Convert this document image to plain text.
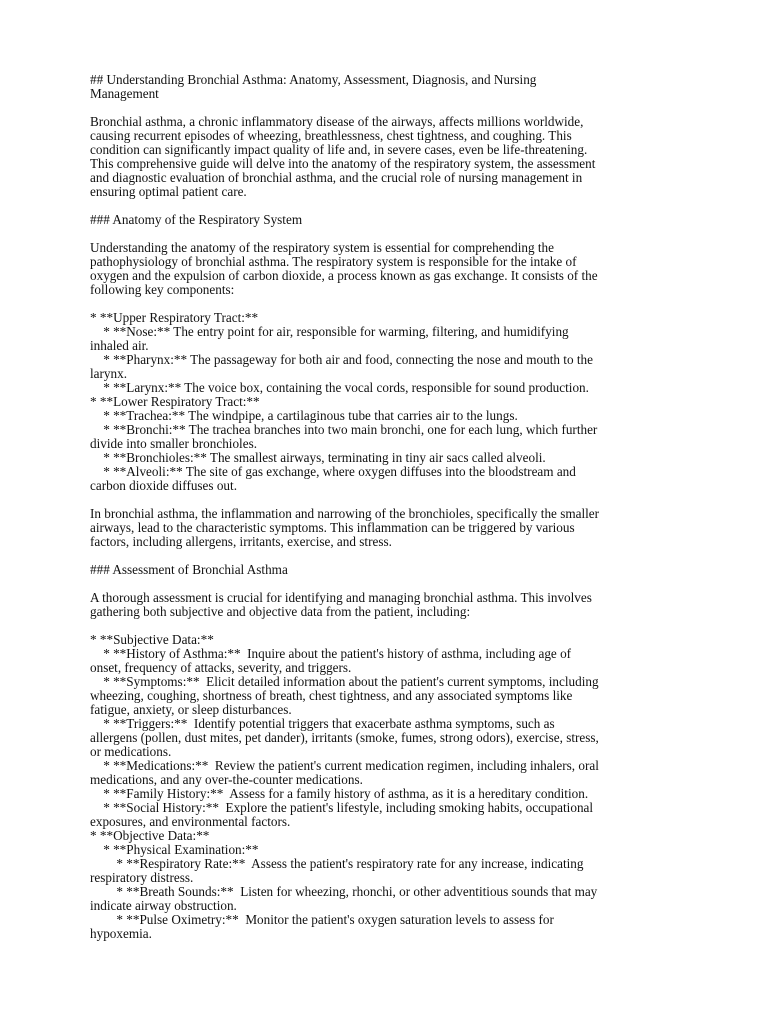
## Understanding Bronchial Asthma: Anatomy, Assessment, Diagnosis, and Nursing
Management

Bronchial asthma, a chronic inflammatory disease of the airways, affects millions worldwide,
causing recurrent episodes of wheezing, breathlessness, chest tightness, and coughing. This
condition can significantly impact quality of life and, in severe cases, even be life-threatening.
This comprehensive guide will delve into the anatomy of the respiratory system, the assessment
and diagnostic evaluation of bronchial asthma, and the crucial role of nursing management in
ensuring optimal patient care.

### Anatomy of the Respiratory System

Understanding the anatomy of the respiratory system is essential for comprehending the
pathophysiology of bronchial asthma. The respiratory system is responsible for the intake of
oxygen and the expulsion of carbon dioxide, a process known as gas exchange. It consists of the
following key components:

* **Upper Respiratory Tract:**
* **Nose:** The entry point for air, responsible for warming, filtering, and humidifying
inhaled air.
* **Pharynx:** The passageway for both air and food, connecting the nose and mouth to the
larynx.
* **Larynx:** The voice box, containing the vocal cords, responsible for sound production.
* **Lower Respiratory Tract:**
* **Trachea:** The windpipe, a cartilaginous tube that carries air to the lungs.
* **Bronchi:** The trachea branches into two main bronchi, one for each lung, which further
divide into smaller bronchioles.
* **Bronchioles:** The smallest airways, terminating in tiny air sacs called alveoli.
* **Alveoli:** The site of gas exchange, where oxygen diffuses into the bloodstream and
carbon dioxide diffuses out.

In bronchial asthma, the inflammation and narrowing of the bronchioles, specifically the smaller
airways, lead to the characteristic symptoms. This inflammation can be triggered by various
factors, including allergens, irritants, exercise, and stress.

### Assessment of Bronchial Asthma

A thorough assessment is crucial for identifying and managing bronchial asthma. This involves
gathering both subjective and objective data from the patient, including:

* **Subjective Data:**
* **History of Asthma:**  Inquire about the patient's history of asthma, including age of
onset, frequency of attacks, severity, and triggers.
* **Symptoms:**  Elicit detailed information about the patient's current symptoms, including
wheezing, coughing, shortness of breath, chest tightness, and any associated symptoms like
fatigue, anxiety, or sleep disturbances.
* **Triggers:**  Identify potential triggers that exacerbate asthma symptoms, such as
allergens (pollen, dust mites, pet dander), irritants (smoke, fumes, strong odors), exercise, stress,
or medications.
* **Medications:**  Review the patient's current medication regimen, including inhalers, oral
medications, and any over-the-counter medications.
* **Family History:**  Assess for a family history of asthma, as it is a hereditary condition.
* **Social History:**  Explore the patient's lifestyle, including smoking habits, occupational
exposures, and environmental factors.
* **Objective Data:**
* **Physical Examination:**
* **Respiratory Rate:**  Assess the patient's respiratory rate for any increase, indicating
respiratory distress.
* **Breath Sounds:**  Listen for wheezing, rhonchi, or other adventitious sounds that may
indicate airway obstruction.
* **Pulse Oximetry:**  Monitor the patient's oxygen saturation levels to assess for
hypoxemia.
